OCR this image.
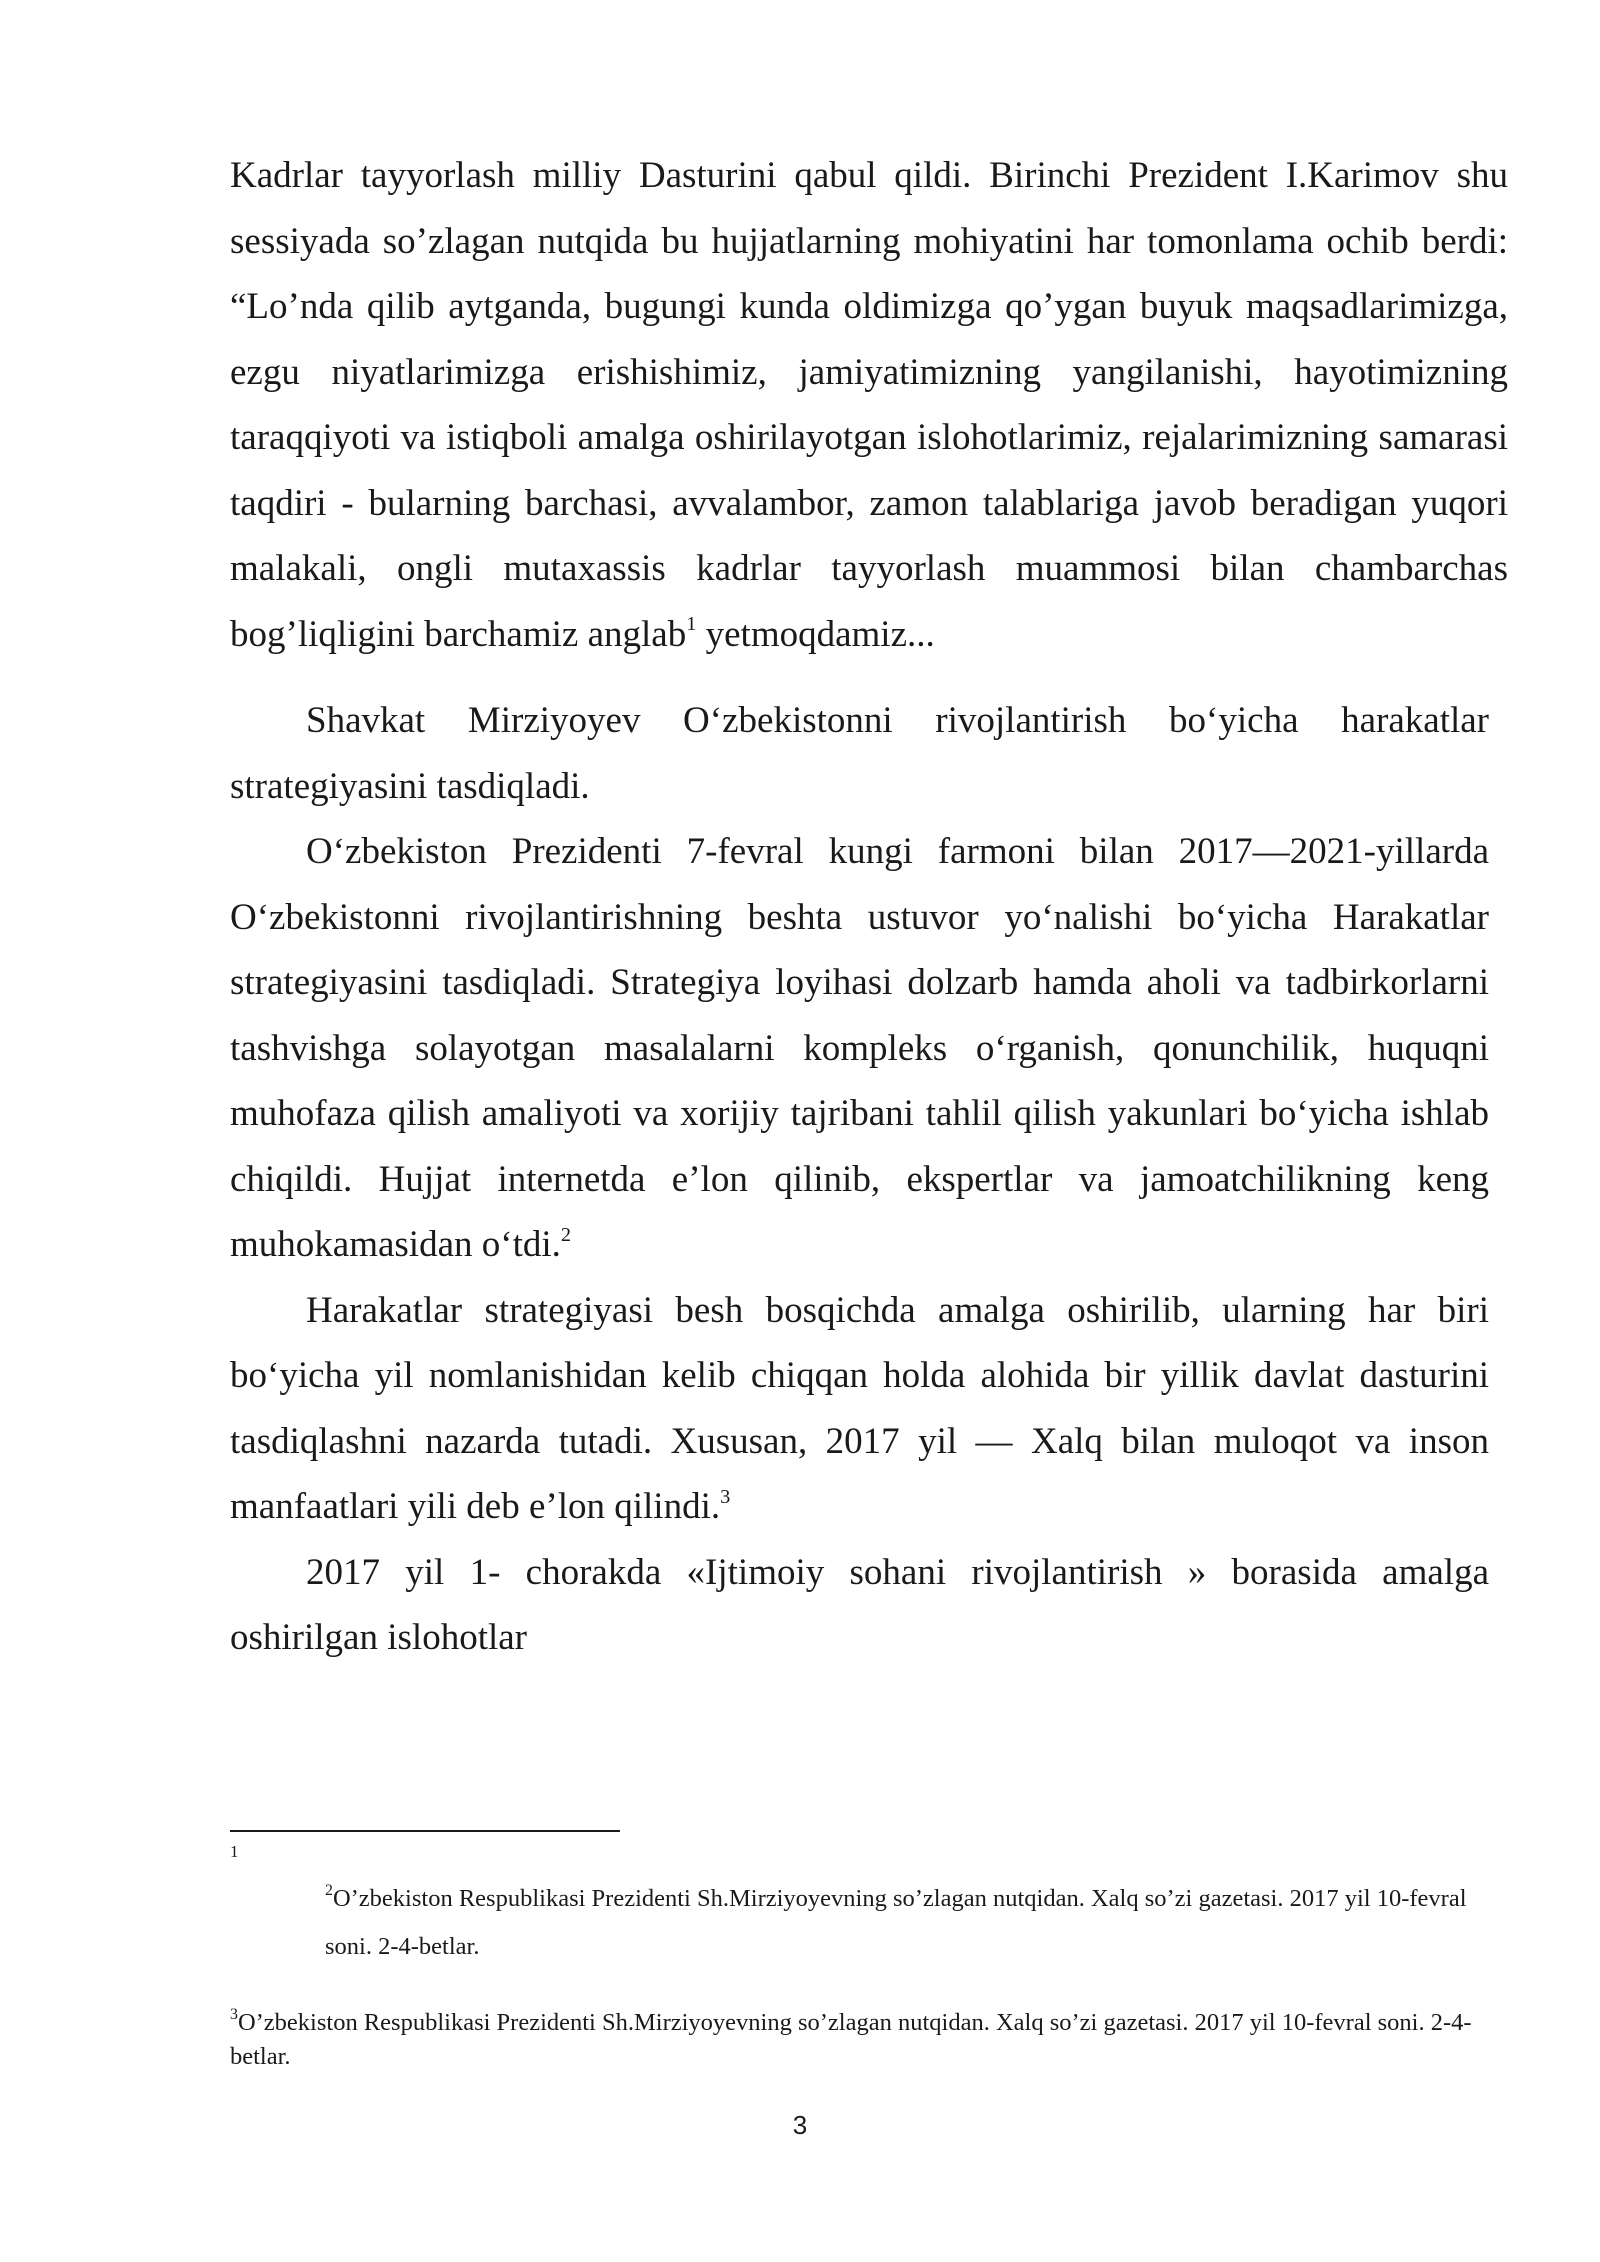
Kadrlar tayyorlash milliy Dasturini qabul qildi. Birinchi Prezident I.Karimov shu sessiyada so’zlagan nutqida bu hujjatlarning mohiyatini har tomonlama ochib berdi: “Lo’nda qilib aytganda, bugungi kunda oldimizga qo’ygan buyuk maqsadlarimizga, ezgu niyatlarimizga erishishimiz, jamiyatimizning yangilanishi, hayotimizning taraqqiyoti va istiqboli amalga oshirilayotgan islohotlarimiz, rejalarimizning samarasi taqdiri - bularning barchasi, avvalambor, zamon talablariga javob beradigan yuqori malakali, ongli mutaxassis kadrlar tayyorlash muammosi bilan chambarchas bog’liqligini barchamiz anglab$^1$ yetmoqdamiz...

Shavkat Mirziyoyev O‘zbekistonni rivojlantirish bo‘yicha harakatlar
strategiyasini tasdiqladi.

O‘zbekiston Prezidenti 7-fevral kungi farmoni bilan 2017—2021-yillarda O‘zbekistonni rivojlantirishning beshta ustuvor yo‘nalishi bo‘yicha Harakatlar strategiyasini tasdiqladi. Strategiya loyihasi dolzarb hamda aholi va tadbirkorlarni tashvishga solayotgan masalalarni kompleks o‘rganish, qonunchilik, huquqni muhofaza qilish amaliyoti va xorijiy tajribani tahlil qilish yakunlari bo‘yicha ishlab chiqildi. Hujjat internetda e’lon qilinib, ekspertlar va jamoatchilikning keng muhokamasidan o‘tdi.$^2$

Harakatlar strategiyasi besh bosqichda amalga oshirilib, ularning har biri bo‘yicha yil nomlanishidan kelib chiqqan holda alohida bir yillik davlat dasturini tasdiqlashni nazarda tutadi. Xususan, 2017 yil — Xalq bilan muloqot va inson manfaatlari yili deb e’lon qilindi.$^3$

2017 yil 1- chorakda «Ijtimoiy sohani rivojlantirish » borasida amalga
oshirilgan islohotlar

1
$^2$O’zbekiston Respublikasi Prezidenti Sh.Mirziyoyevning so’zlagan nutqidan. Xalq so’zi gazetasi. 2017 yil 10-fevral soni. 2-4-betlar.
$^3$O’zbekiston Respublikasi Prezidenti Sh.Mirziyoyevning so’zlagan nutqidan. Xalq so’zi gazetasi. 2017 yil 10-fevral soni. 2-4-betlar.
3
